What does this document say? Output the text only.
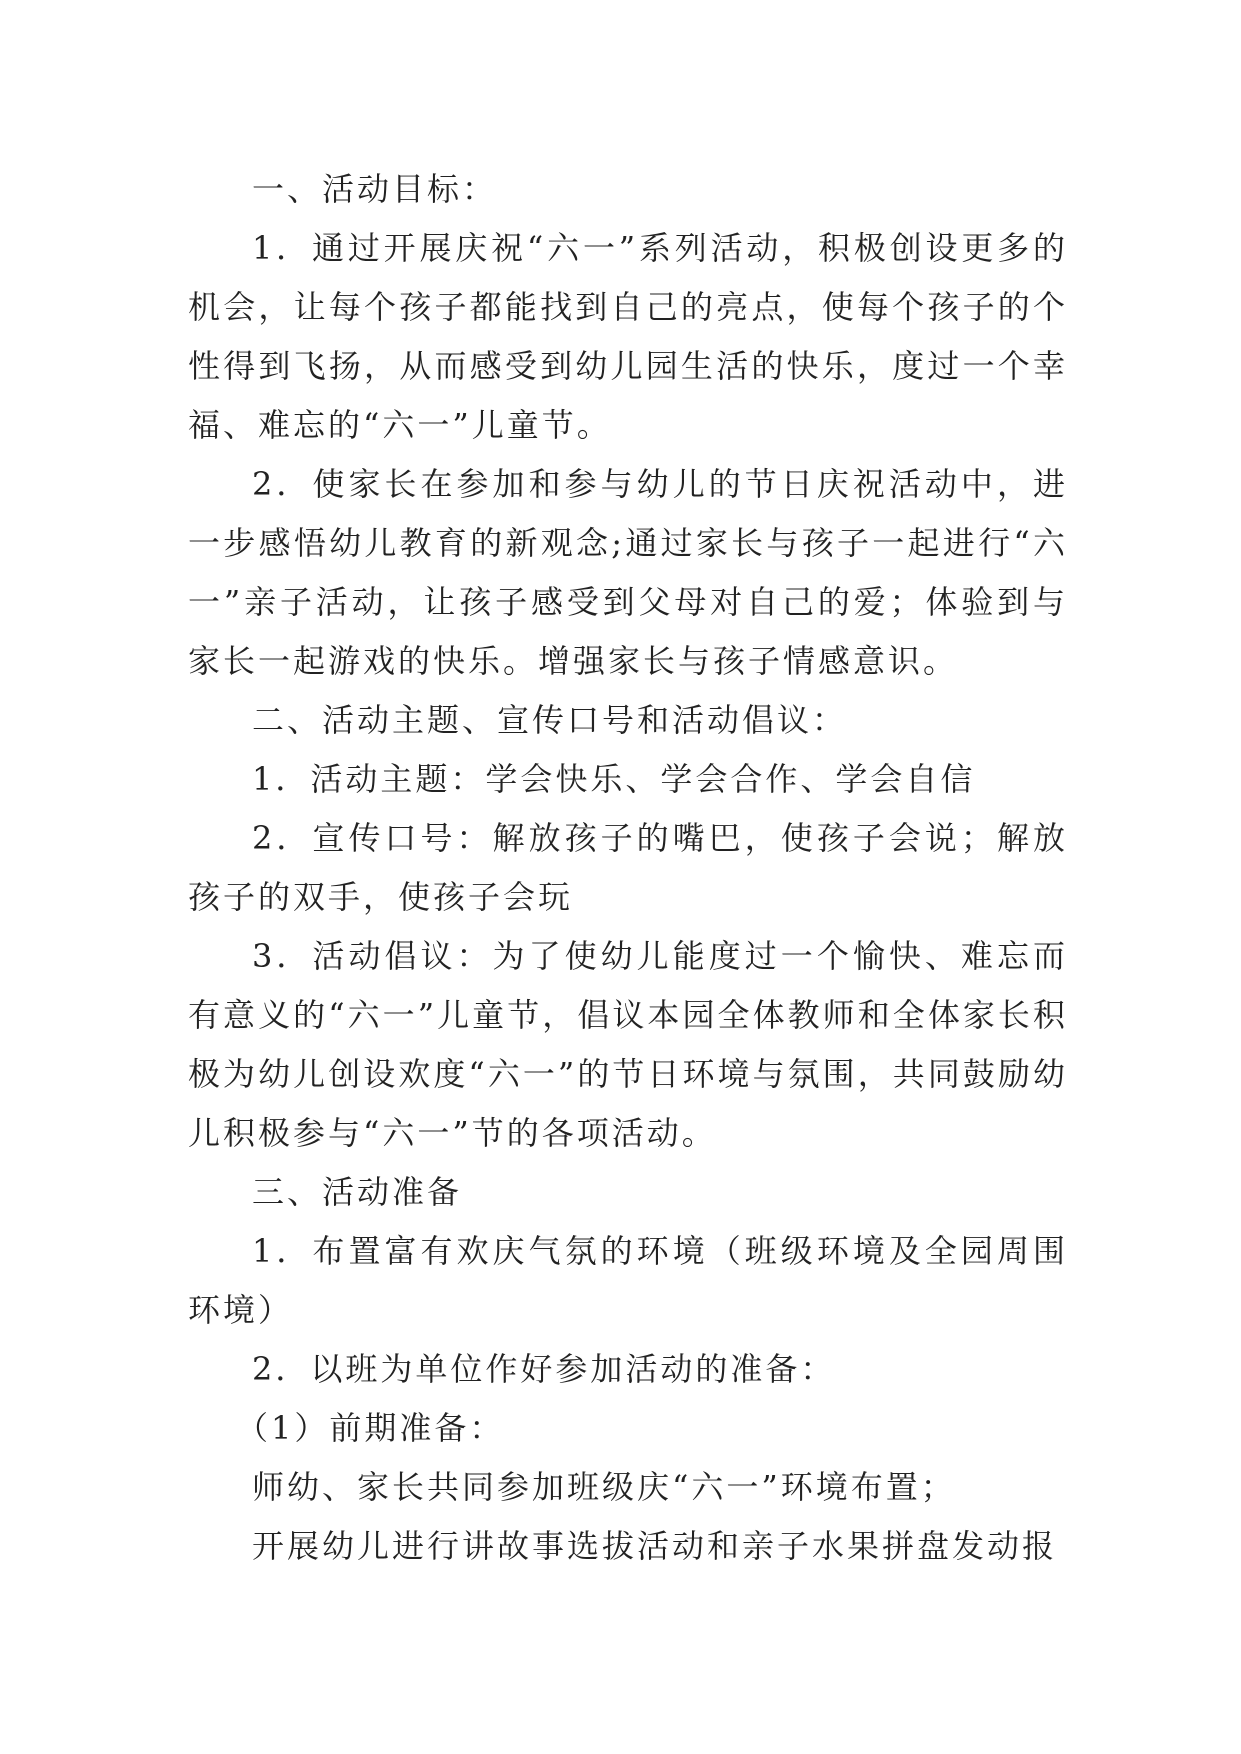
一、活动目标：

1．通过开展庆祝“六一”系列活动，积极创设更多的机会，让每个孩子都能找到自己的亮点，使每个孩子的个性得到飞扬，从而感受到幼儿园生活的快乐，度过一个幸福、难忘的“六一”儿童节。

2．使家长在参加和参与幼儿的节日庆祝活动中，进一步感悟幼儿教育的新观念;通过家长与孩子一起进行“六一”亲子活动，让孩子感受到父母对自己的爱；体验到与家长一起游戏的快乐。增强家长与孩子情感意识。

二、活动主题、宣传口号和活动倡议：

1．活动主题：学会快乐、学会合作、学会自信

2．宣传口号：解放孩子的嘴巴，使孩子会说；解放孩子的双手，使孩子会玩

3．活动倡议：为了使幼儿能度过一个愉快、难忘而有意义的“六一”儿童节，倡议本园全体教师和全体家长积极为幼儿创设欢度“六一”的节日环境与氛围，共同鼓励幼儿积极参与“六一”节的各项活动。

三、活动准备

1．布置富有欢庆气氛的环境（班级环境及全园周围环境）

2．以班为单位作好参加活动的准备：

（1）前期准备：

师幼、家长共同参加班级庆“六一”环境布置；

开展幼儿进行讲故事选拔活动和亲子水果拼盘发动报
